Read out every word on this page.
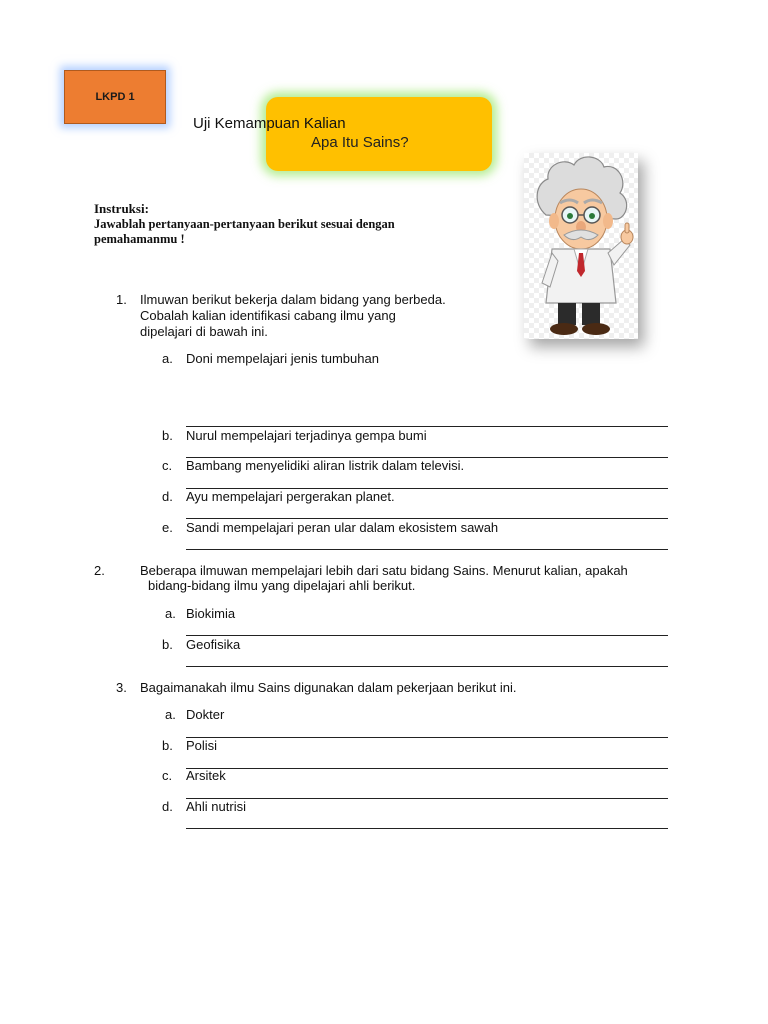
LKPD 1
Uji Kemampuan Kalian
Apa Itu Sains?
Instruksi:
Jawablah pertanyaan-pertanyaan berikut sesuai dengan
pemahamanmu !
1. Ilmuwan berikut bekerja dalam bidang yang berbeda.
Cobalah kalian identifikasi cabang ilmu yang
dipelajari di bawah ini.
a. Doni mempelajari jenis tumbuhan
b. Nurul mempelajari terjadinya gempa bumi
c. Bambang menyelidiki aliran listrik dalam televisi.
d. Ayu mempelajari pergerakan planet.
e. Sandi mempelajari peran ular dalam ekosistem sawah
2.	Beberapa ilmuwan mempelajari lebih dari satu bidang Sains. Menurut kalian, apakah
bidang-bidang ilmu yang dipelajari ahli berikut.
a. Biokimia
b. Geofisika
3. Bagaimanakah ilmu Sains digunakan dalam pekerjaan berikut ini.
a. Dokter
b. Polisi
c. Arsitek
d. Ahli nutrisi
